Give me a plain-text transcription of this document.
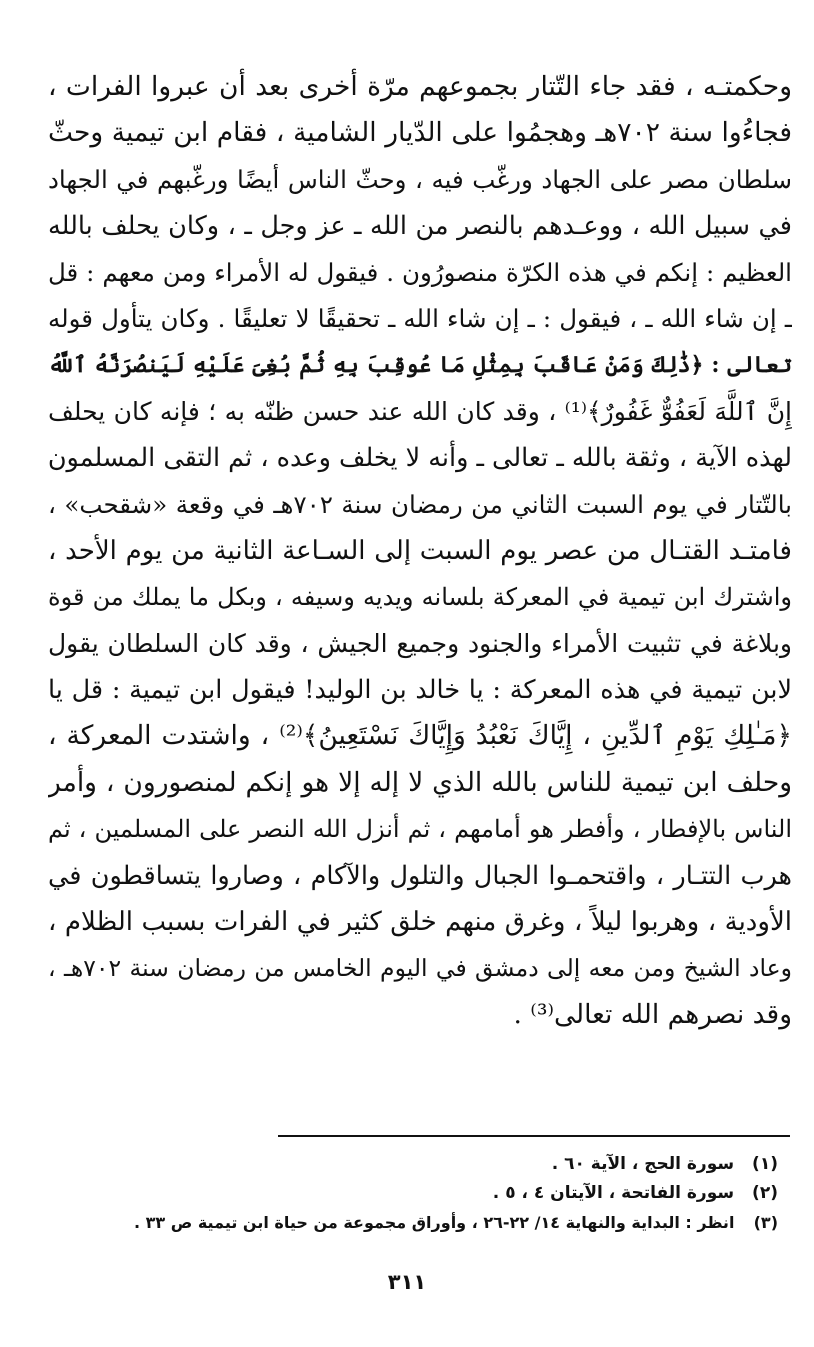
وحكمتـه ، فقد جاء التّتار بجموعهم مرّة أخرى بعد أن عبروا الفرات ،
فجاءُوا سنة ٧٠٢هـ وهجمُوا على الدّيار الشامية ، فقام ابن تيمية وحثّ
سلطان مصر على الجهاد ورغّب فيه ، وحثّ الناس أيضًا ورغّبهم في الجهاد
في سبيل الله ، ووعـدهم بالنصر من الله ـ عز وجل ـ ، وكان يحلف بالله
العظيم : إنكم في هذه الكرّة منصورُون . فيقول له الأمراء ومن معهم : قل
ـ إن شاء الله ـ ، فيقول : ـ إن شاء الله ـ تحقيقًا لا تعليقًا . وكان يتأول قوله
تعالى : ﴿ذَٰلِكَ وَمَنْ عَاقَبَ بِمِثْلِ مَا عُوقِبَ بِهِ ثُمَّ بُغِىَ عَلَيْهِ لَيَنصُرَنَّهُ ٱللَّهُ
إِنَّ ٱللَّهَ لَعَفُوٌّ غَفُورٌ﴾⁽¹⁾ ، وقد كان الله عند حسن ظنّه به ؛ فإنه كان يحلف
لهذه الآية ، وثقة بالله ـ تعالى ـ وأنه لا يخلف وعده ، ثم التقى المسلمون
بالتّتار في يوم السبت الثاني من رمضان سنة ٧٠٢هـ في وقعة «شقحب» ،
فامتـد القتـال من عصر يوم السبت إلى السـاعة الثانية من يوم الأحد ،
واشترك ابن تيمية في المعركة بلسانه ويديه وسيفه ، وبكل ما يملك من قوة
وبلاغة في تثبيت الأمراء والجنود وجميع الجيش ، وقد كان السلطان يقول
لابن تيمية في هذه المعركة : يا خالد بن الوليد! فيقول ابن تيمية : قل يا
﴿مَـٰلِكِ يَوْمِ ٱلدِّينِ ، إِيَّاكَ نَعْبُدُ وَإِيَّاكَ نَسْتَعِينُ﴾⁽²⁾ ، واشتدت المعركة ،
وحلف ابن تيمية للناس بالله الذي لا إله إلا هو إنكم لمنصورون ، وأمر
الناس بالإفطار ، وأفطر هو أمامهم ، ثم أنزل الله النصر على المسلمين ، ثم
هرب التتـار ، واقتحمـوا الجبال والتلول والآكام ، وصاروا يتساقطون في
الأودية ، وهربوا ليلاً ، وغرق منهم خلق كثير في الفرات بسبب الظلام ،
وعاد الشيخ ومن معه إلى دمشق في اليوم الخامس من رمضان سنة ٧٠٢هـ ،
وقد نصرهم الله تعالى⁽³⁾ .
(١) سورة الحج ، الآية ٦٠ .
(٢) سورة الفاتحة ، الآيتان ٤ ، ٥ .
(٣) انظر : البداية والنهاية ١٤/ ٢٢-٢٦ ، وأوراق مجموعة من حياة ابن تيمية ص ٣٣ .
٣١١
